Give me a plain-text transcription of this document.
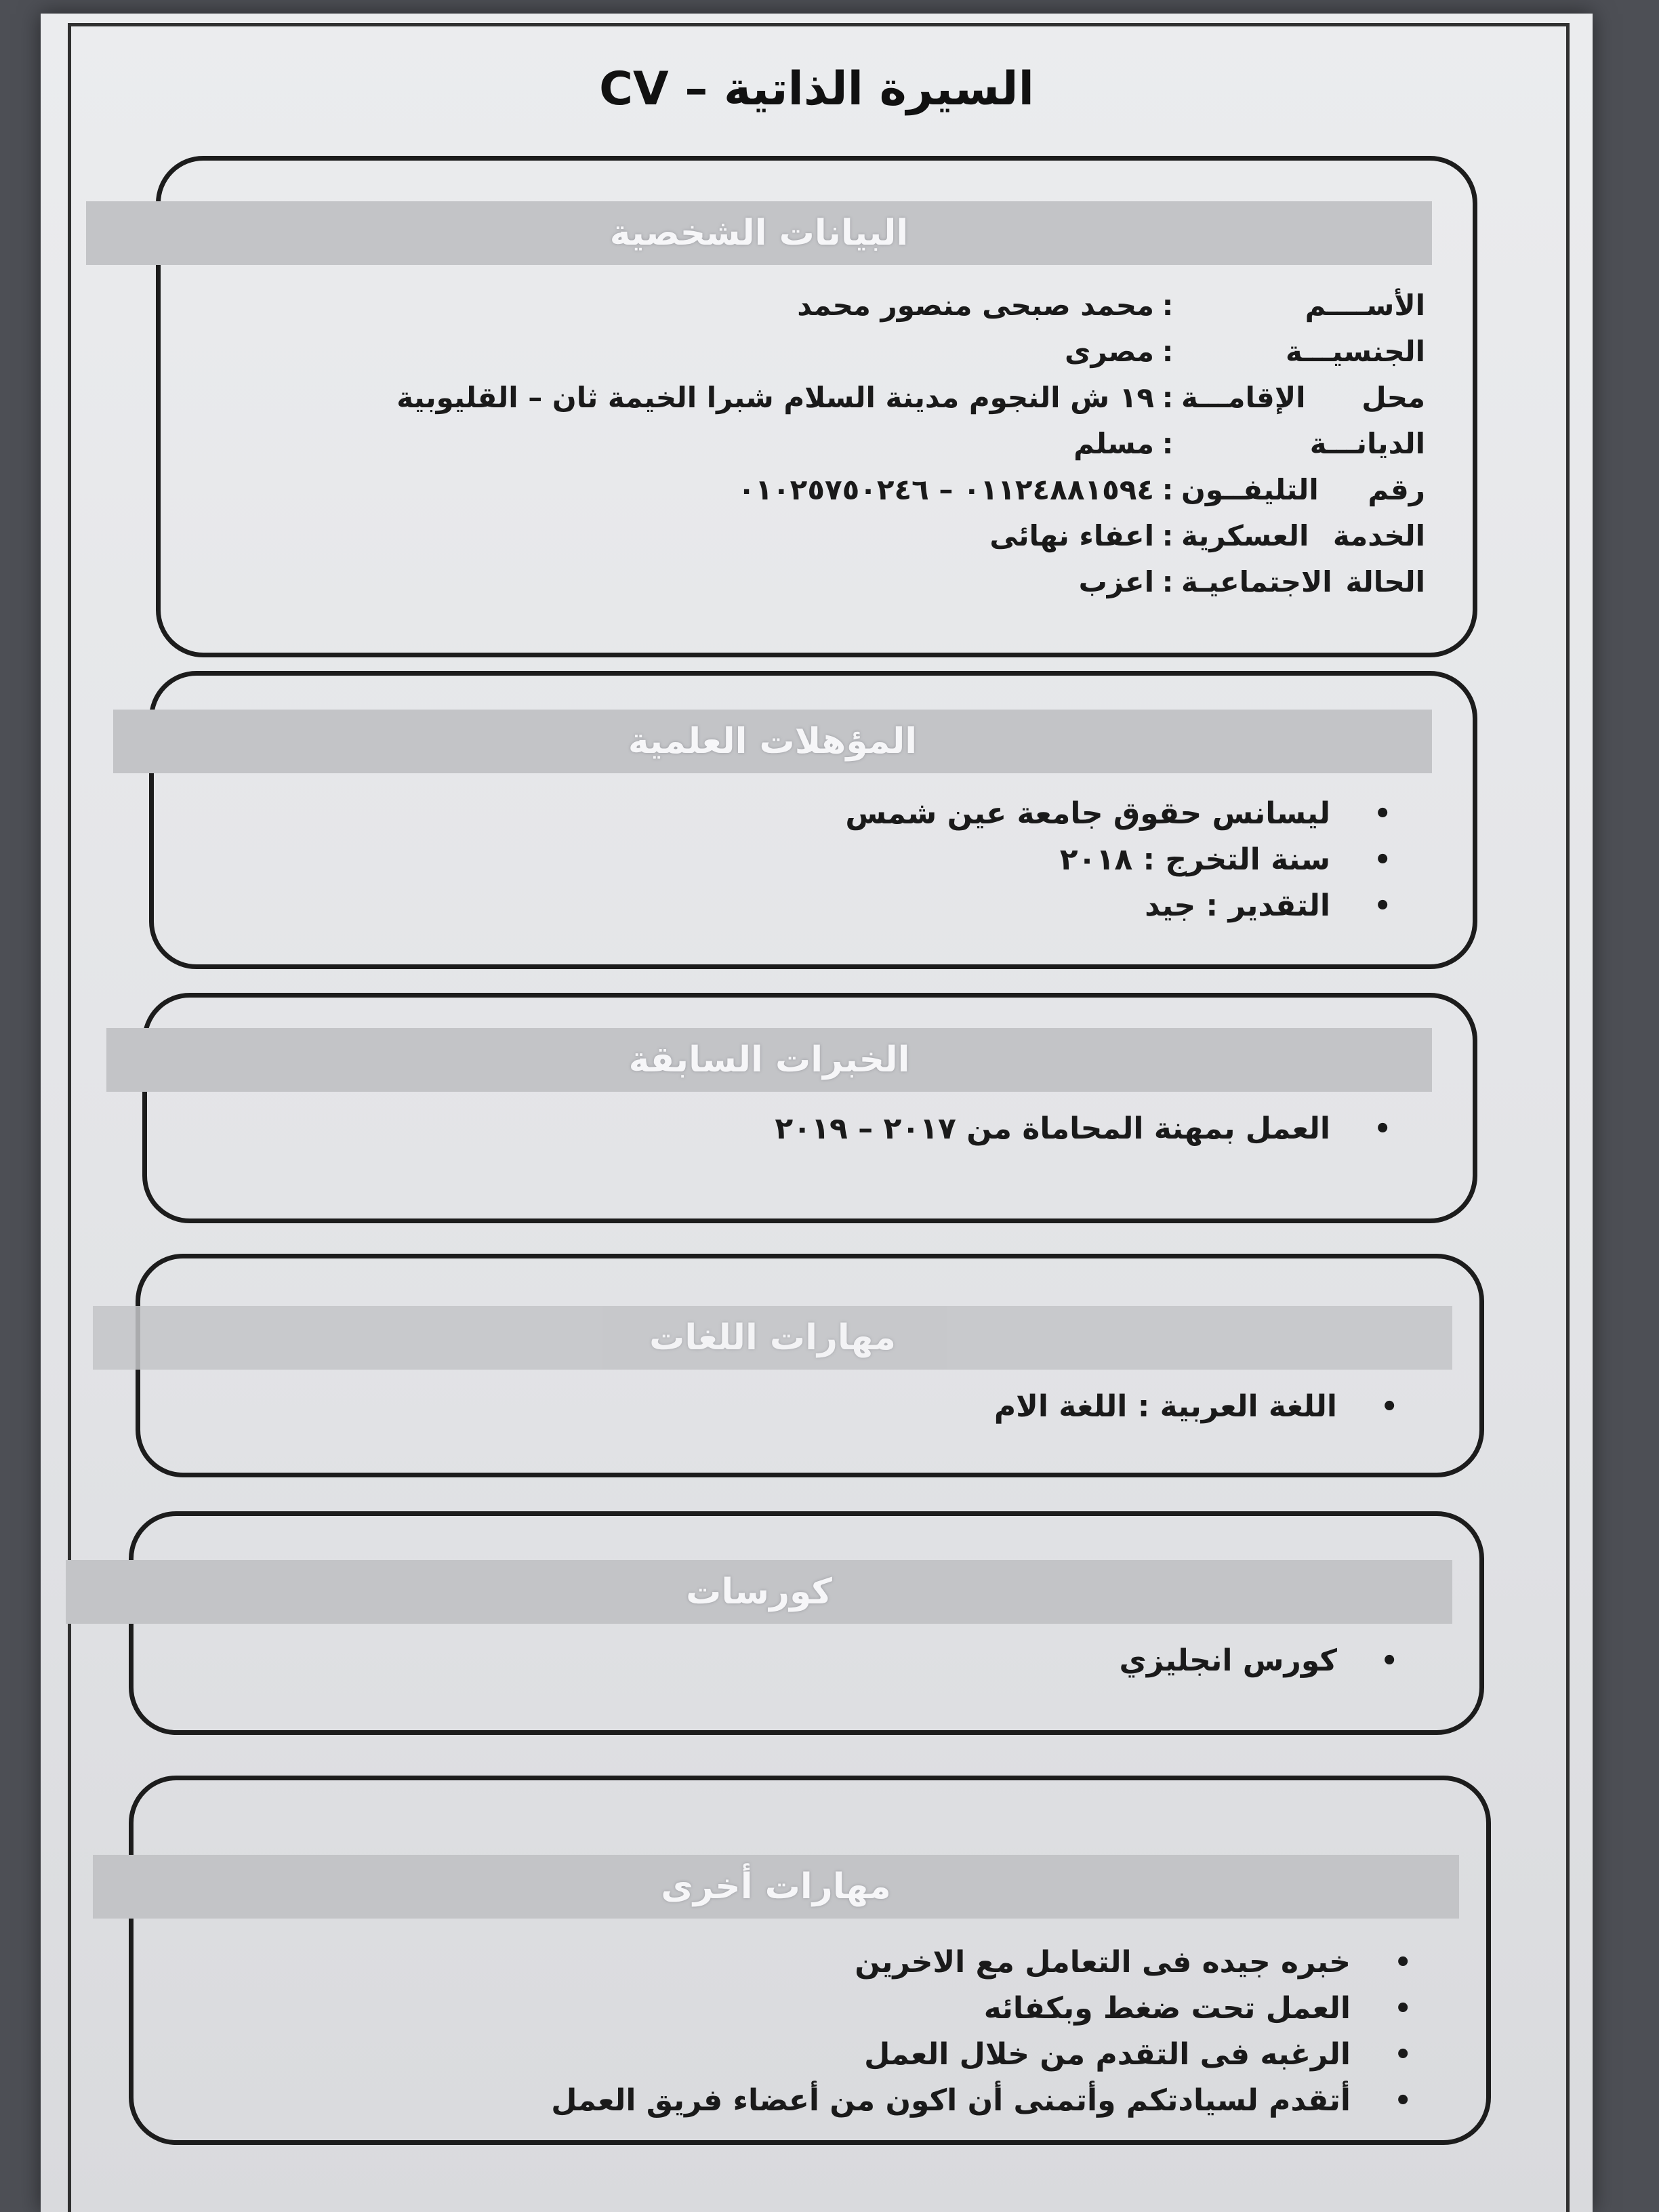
السيرة الذاتية – CV
البيانات الشخصية
الأســــم
:
محمد صبحى منصور محمد
الجنسيـــة
:
مصرى
محل الإقامـــة
:
١٩ ش النجوم مدينة السلام شبرا الخيمة ثان – القليوبية
الديانـــة
:
مسلم
رقم التليفــون
:
٠١١٢٤٨٨١٥٩٤ – ٠١٠٢٥٧٥٠٢٤٦
الخدمة العسكرية
:
اعفاء نهائى
الحالة الاجتماعيـة
:
اعزب
المؤهلات العلمية
•
ليسانس حقوق جامعة عين شمس
•
سنة التخرج : ٢٠١٨
•
التقدير : جيد
الخبرات السابقة
•
العمل بمهنة المحاماة من ٢٠١٧ – ٢٠١٩
مهارات اللغات
•
اللغة العربية : اللغة الام
كورسات
•
كورس انجليزي
مهارات أخرى
•
خبره جيده فى التعامل مع الاخرين
•
العمل تحت ضغط وبكفائه
•
الرغبه فى التقدم من خلال العمل
•
أتقدم لسيادتكم وأتمنى أن اكون من أعضاء فريق العمل
